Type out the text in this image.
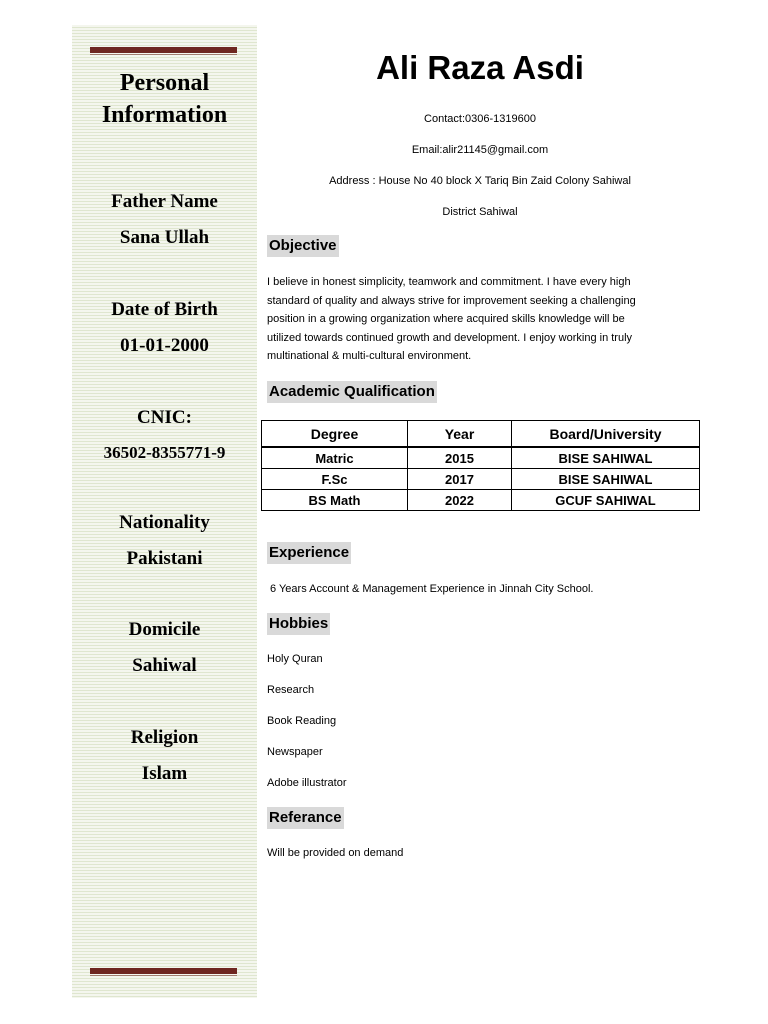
Personal
Information
Father Name
Sana Ullah
Date of Birth
01-01-2000
CNIC:
36502-8355771-9
Nationality
Pakistani
Domicile
Sahiwal
Religion
Islam
Ali Raza Asdi
Contact:0306-1319600
Email:alir21145@gmail.com
Address : House No 40 block X Tariq Bin Zaid Colony Sahiwal
District Sahiwal
Objective
I believe in honest simplicity, teamwork and commitment. I have every high
standard of quality and always strive for improvement seeking a challenging
position in a growing organization where acquired skills knowledge will be
utilized towards continued growth and development. I enjoy working in truly
multinational & multi-cultural environment.
Academic Qualification
Degree	Year	Board/University
Matric	2015	BISE SAHIWAL
F.Sc	2017	BISE SAHIWAL
BS Math	2022	GCUF SAHIWAL
Experience
6 Years Account & Management Experience in Jinnah City School.
Hobbies
Holy Quran
Research
Book Reading
Newspaper
Adobe illustrator
Referance
Will be provided on demand
